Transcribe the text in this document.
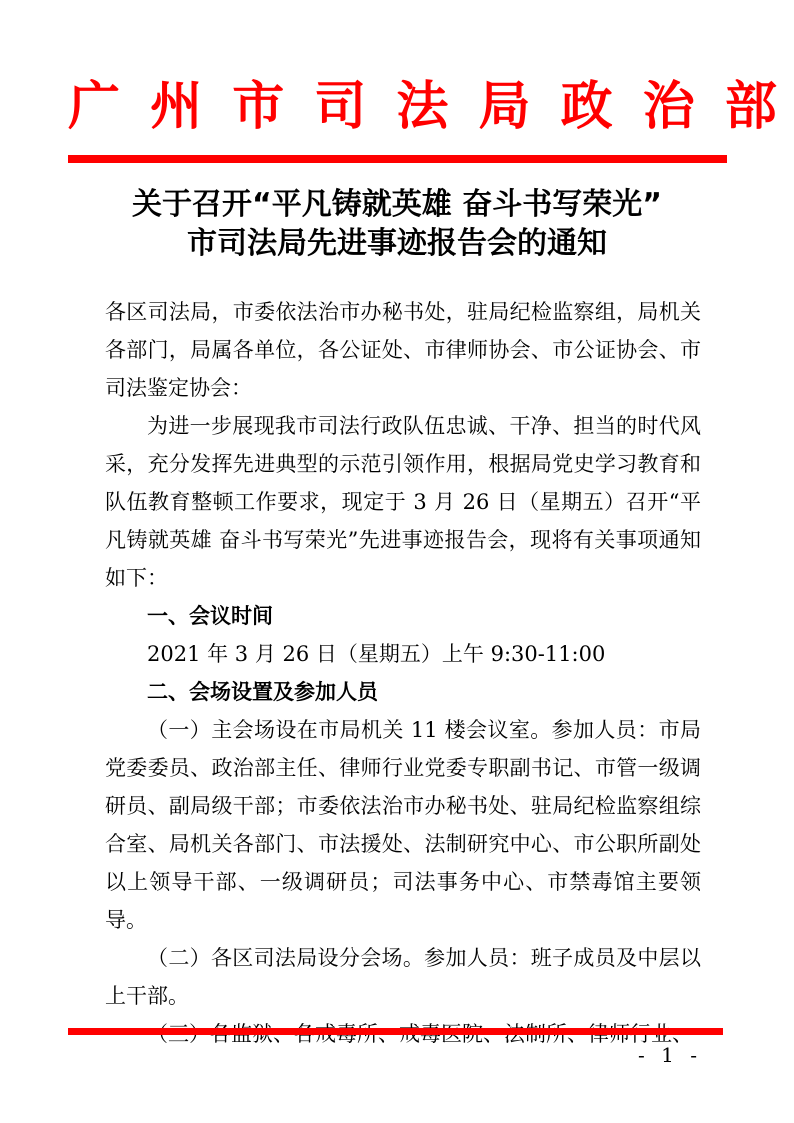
广 州 市 司 法 局 政 治 部
关于召开“平凡铸就英雄 奋斗书写荣光”
市司法局先进事迹报告会的通知

各区司法局，市委依法治市办秘书处，驻局纪检监察组，局机关各部门，局属各单位，各公证处、市律师协会、市公证协会、市司法鉴定协会：

为进一步展现我市司法行政队伍忠诚、干净、担当的时代风采，充分发挥先进典型的示范引领作用，根据局党史学习教育和队伍教育整顿工作要求，现定于 3 月 26 日（星期五）召开“平凡铸就英雄 奋斗书写荣光”先进事迹报告会，现将有关事项通知如下：

一、会议时间

2021 年 3 月 26 日（星期五）上午 9:30-11:00

二、会场设置及参加人员

（一）主会场设在市局机关 11 楼会议室。参加人员：市局党委委员、政治部主任、律师行业党委专职副书记、市管一级调研员、副局级干部；市委依法治市办秘书处、驻局纪检监察组综合室、局机关各部门、市法援处、法制研究中心、市公职所副处以上领导干部、一级调研员；司法事务中心、市禁毒馆主要领导。

（二）各区司法局设分会场。参加人员：班子成员及中层以上干部。

- 1 -
